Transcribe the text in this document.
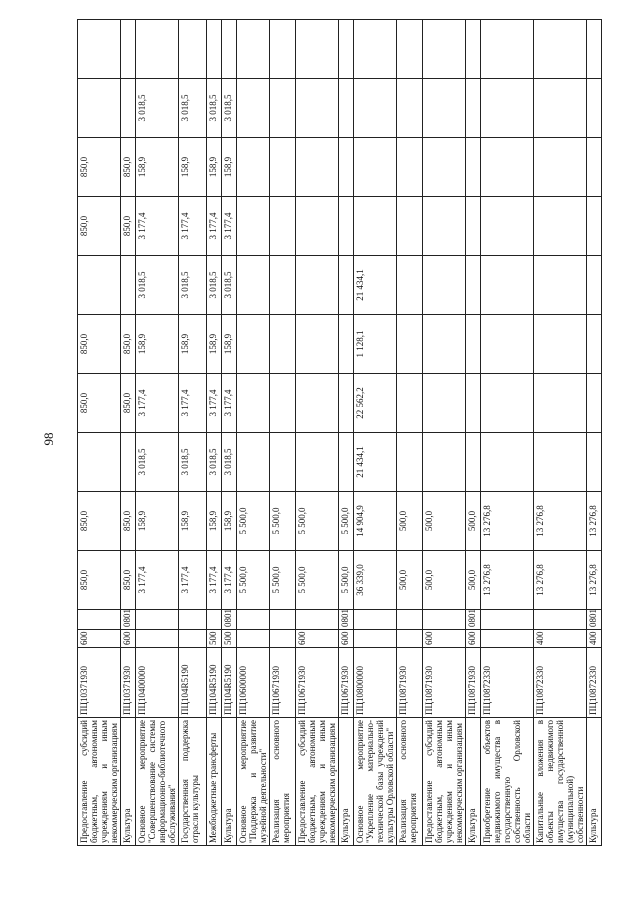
98
Предоставление субсидий бюджетным, автономным учреждениям и иным некоммерческим организациям	ПЦ10371930	600		850,0	850,0		850,0	850,0		850,0	850,0		
Культура	ПЦ10371930	600	0801	850,0	850,0		850,0	850,0		850,0	850,0		
Основное мероприятие "Совершенствование системы информационно-библиотечного обслуживания"	ПЦ10400000			3 177,4	158,9	3 018,5	3 177,4	158,9	3 018,5	3 177,4	158,9	3 018,5	
Государственная поддержка отрасли культуры	ПЦ104R5190			3 177,4	158,9	3 018,5	3 177,4	158,9	3 018,5	3 177,4	158,9	3 018,5	
Межбюджетные трансферты	ПЦ104R5190	500		3 177,4	158,9	3 018,5	3 177,4	158,9	3 018,5	3 177,4	158,9	3 018,5	
Культура	ПЦ104R5190	500	0801	3 177,4	158,9	3 018,5	3 177,4	158,9	3 018,5	3 177,4	158,9	3 018,5	
Основное мероприятие "Поддержка и развитие музейной деятельности"	ПЦ10600000			5 500,0	5 500,0								
Реализация основного мероприятия	ПЦ10671930			5 500,0	5 500,0								
Предоставление субсидий бюджетным, автономным учреждениям и иным некоммерческим организациям	ПЦ10671930	600		5 500,0	5 500,0								
Культура	ПЦ10671930	600	0801	5 500,0	5 500,0								
Основное мероприятие "Укрепление материально-технической базы учреждений культуры Орловской области"	ПЦ10800000			36 339,0	14 904,9	21 434,1	22 562,2	1 128,1	21 434,1				
Реализация основного мероприятия	ПЦ10871930			500,0	500,0								
Предоставление субсидий бюджетным, автономным учреждениям и иным некоммерческим организациям	ПЦ10871930	600		500,0	500,0								
Культура	ПЦ10871930	600	0801	500,0	500,0								
Приобретение объектов недвижимого имущества в государственную собственность Орловской области	ПЦ10872330			13 276,8	13 276,8								
Капитальные вложения в объекты недвижимого имущества государственной (муниципальной) собственности	ПЦ10872330	400		13 276,8	13 276,8								
Культура	ПЦ10872330	400	0801	13 276,8	13 276,8								
